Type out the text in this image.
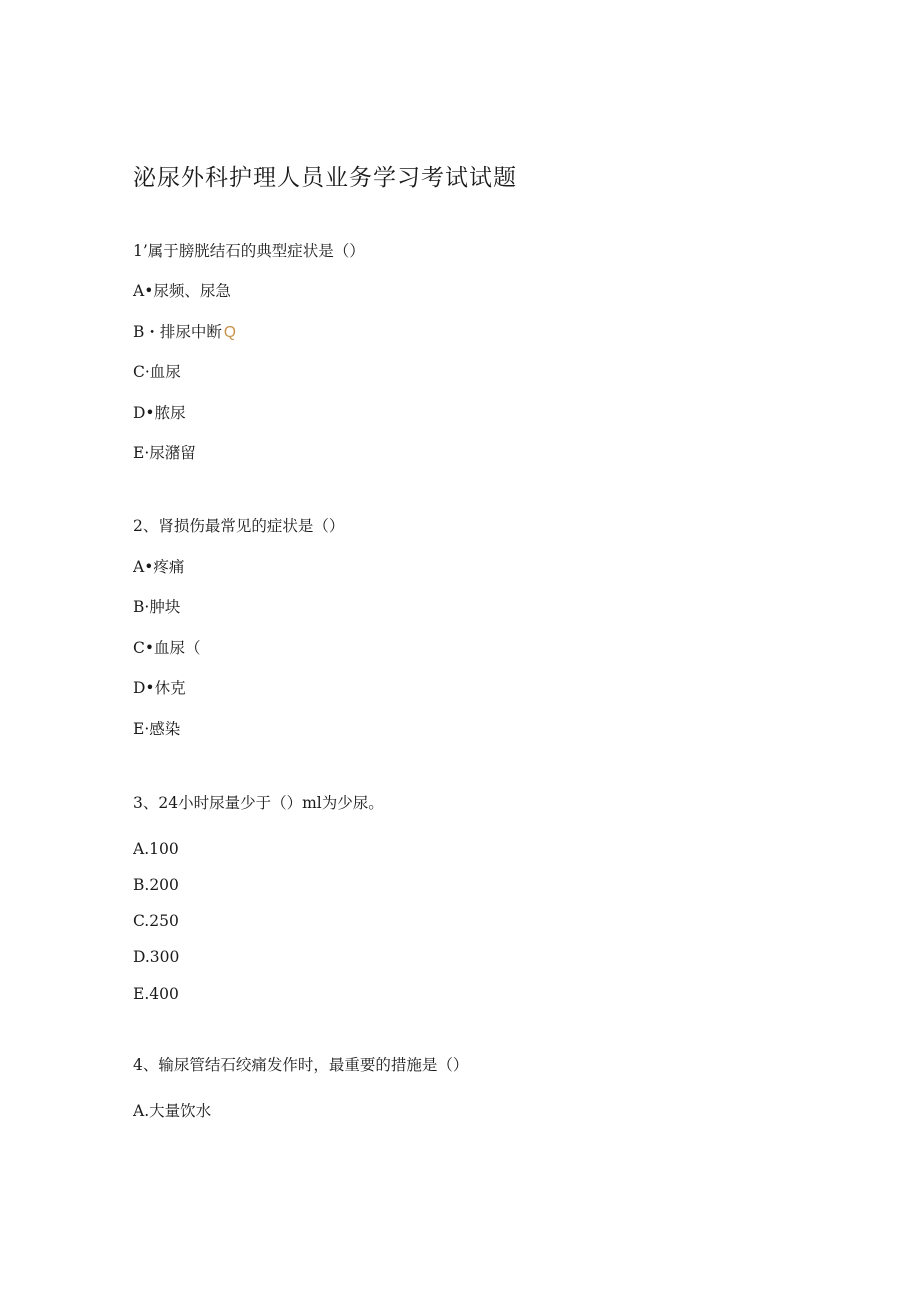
泌尿外科护理人员业务学习考试试题
1’属于膀胱结石的典型症状是（）
A•尿频、尿急
B・排尿中断 Q
C·血尿
D•脓尿
E·尿潴留
2、肾损伤最常见的症状是（）
A•疼痛
B·肿块
C•血尿（
D•休克
E·感染
3、24小时尿量少于（）ml为少尿。
A.100
B.200
C.250
D.300
E.400
4、输尿管结石绞痛发作时，最重要的措施是（）
A.大量饮水
